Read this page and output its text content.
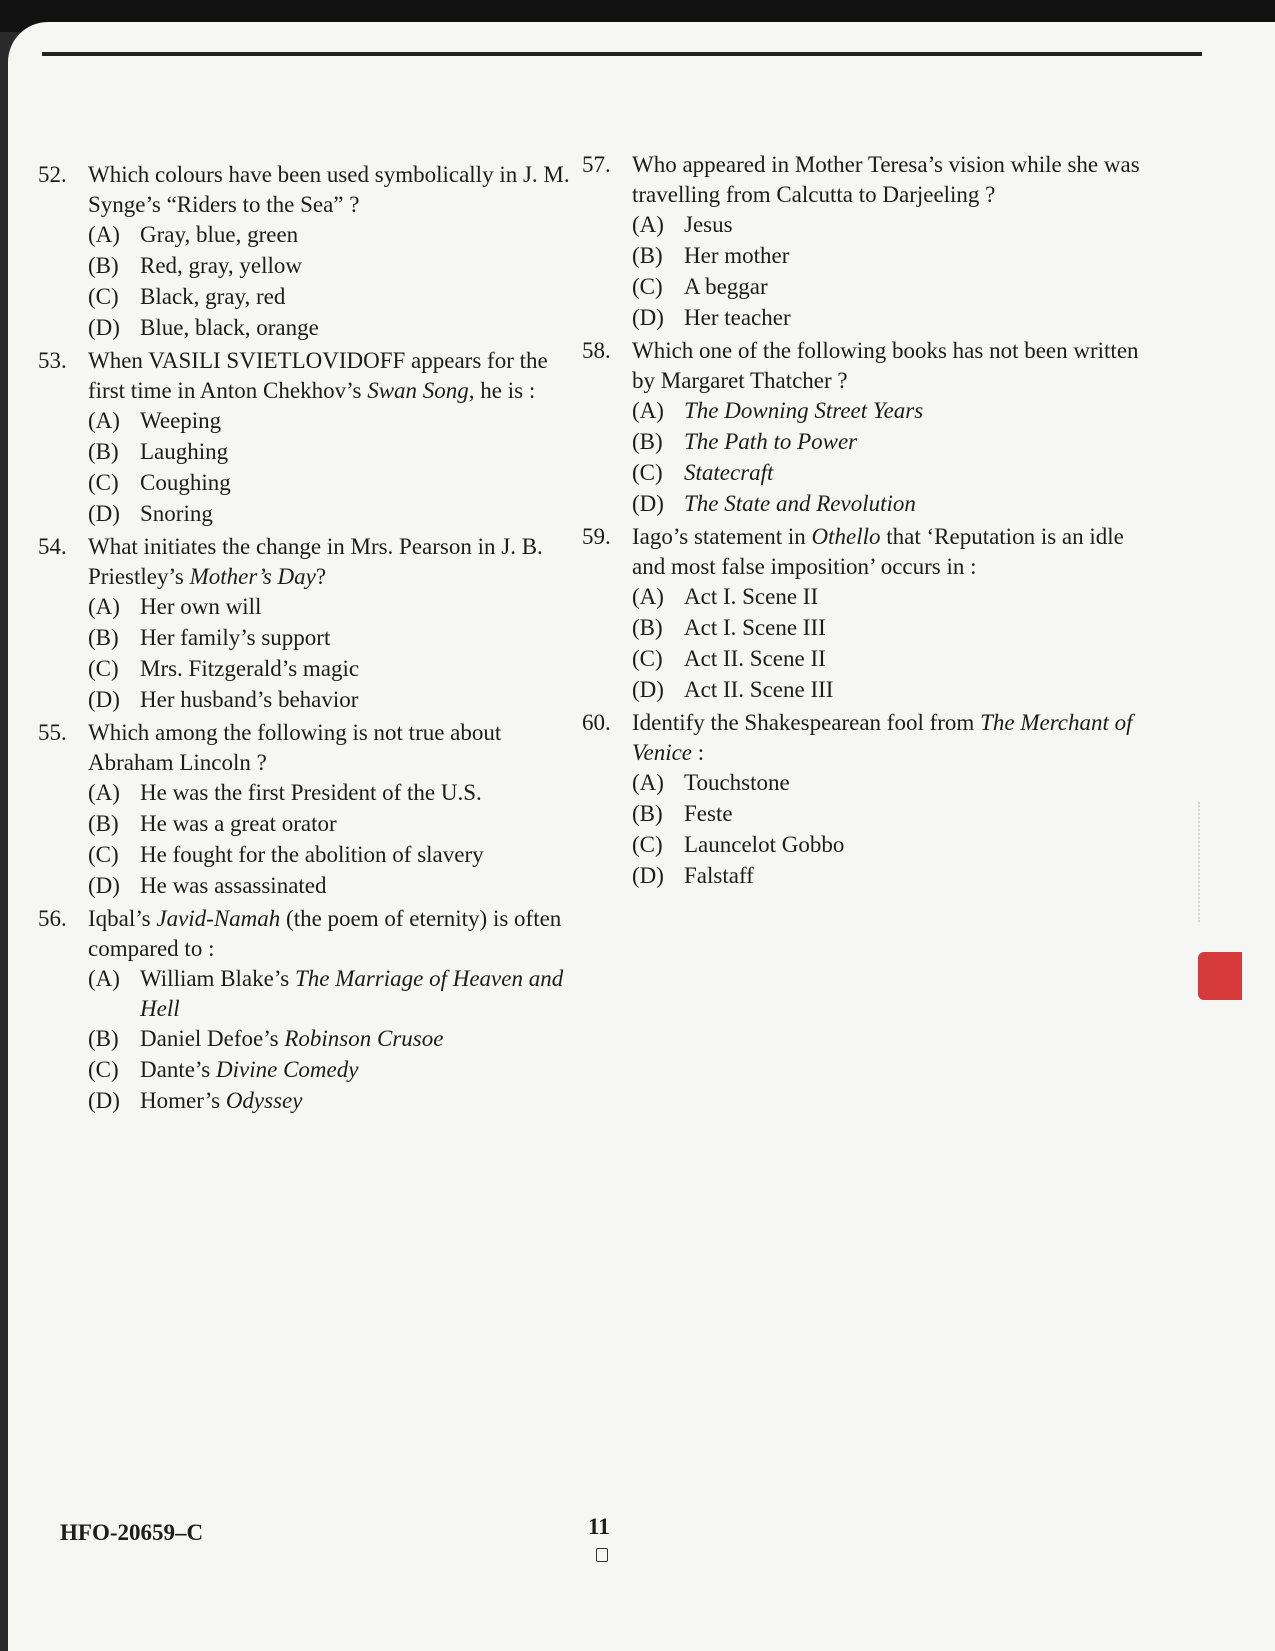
52. Which colours have been used symbolically in J. M. Synge’s “Riders to the Sea” ?
(A) Gray, blue, green
(B) Red, gray, yellow
(C) Black, gray, red
(D) Blue, black, orange
53. When VASILI SVIETLOVIDOFF appears for the first time in Anton Chekhov’s Swan Song, he is :
(A) Weeping
(B) Laughing
(C) Coughing
(D) Snoring
54. What initiates the change in Mrs. Pearson in J. B. Priestley’s Mother’s Day?
(A) Her own will
(B) Her family’s support
(C) Mrs. Fitzgerald’s magic
(D) Her husband’s behavior
55. Which among the following is not true about Abraham Lincoln ?
(A) He was the first President of the U.S.
(B) He was a great orator
(C) He fought for the abolition of slavery
(D) He was assassinated
56. Iqbal’s Javid-Namah (the poem of eternity) is often compared to :
(A) William Blake’s The Marriage of Heaven and Hell
(B) Daniel Defoe’s Robinson Crusoe
(C) Dante’s Divine Comedy
(D) Homer’s Odyssey
57. Who appeared in Mother Teresa’s vision while she was travelling from Calcutta to Darjeeling ?
(A) Jesus
(B) Her mother
(C) A beggar
(D) Her teacher
58. Which one of the following books has not been written by Margaret Thatcher ?
(A) The Downing Street Years
(B) The Path to Power
(C) Statecraft
(D) The State and Revolution
59. Iago’s statement in Othello that ‘Reputation is an idle and most false imposition’ occurs in :
(A) Act I. Scene II
(B) Act I. Scene III
(C) Act II. Scene II
(D) Act II. Scene III
60. Identify the Shakespearean fool from The Merchant of Venice :
(A) Touchstone
(B) Feste
(C) Launcelot Gobbo
(D) Falstaff
HFO-20659–C	11
